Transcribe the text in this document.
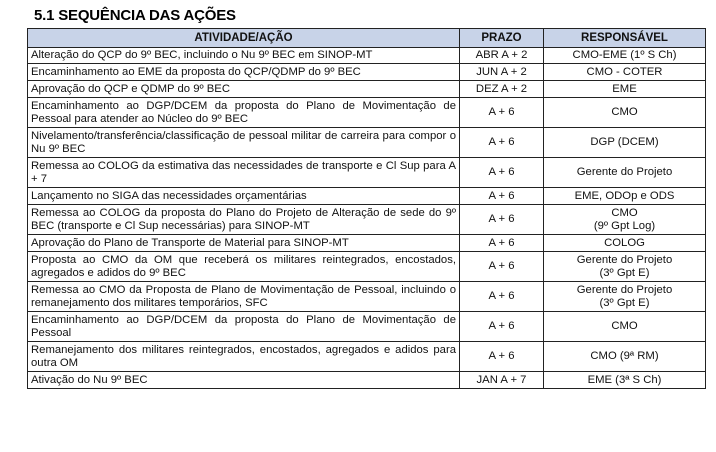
5.1 SEQUÊNCIA DAS AÇÕES
ATIVIDADE/AÇÃO	PRAZO	RESPONSÁVEL
Alteração do QCP do 9º BEC, incluindo o Nu 9º BEC em SINOP-MT	ABR A + 2	CMO-EME (1º S Ch)

Encaminhamento ao EME da proposta do QCP/QDMP do 9º BEC	JUN A + 2	CMO - COTER

Aprovação do QCP e QDMP do 9º BEC	DEZ A + 2	EME

Encaminhamento ao DGP/DCEM da proposta do Plano de Movimentação de Pessoal para atender ao Núcleo do 9º BEC	A + 6	CMO

Nivelamento/transferência/classificação de pessoal militar de carreira para compor o Nu 9º BEC	A + 6	DGP (DCEM)

Remessa ao COLOG da estimativa das necessidades de transporte e Cl Sup para A + 7	A + 6	Gerente do Projeto

Lançamento no SIGA das necessidades orçamentárias	A + 6	EME, ODOp e ODS

Remessa ao COLOG da proposta do Plano do Projeto de Alteração de sede do 9º BEC (transporte e Cl Sup necessárias) para SINOP-MT	A + 6	CMO
(9º Gpt Log)

Aprovação do Plano de Transporte de Material para SINOP-MT	A + 6	COLOG

Proposta ao CMO da OM que receberá os militares reintegrados, encostados, agregados e adidos do 9º BEC	A + 6	Gerente do Projeto
(3º Gpt E)

Remessa ao CMO da Proposta de Plano de Movimentação de Pessoal, incluindo o remanejamento dos militares temporários, SFC	A + 6	Gerente do Projeto
(3º Gpt E)

Encaminhamento ao DGP/DCEM da proposta do Plano de Movimentação de Pessoal	A + 6	CMO

Remanejamento dos militares reintegrados, encostados, agregados e adidos para outra OM	A + 6	CMO (9ª RM)

Ativação do Nu 9º BEC	JAN A + 7	EME (3ª S Ch)
